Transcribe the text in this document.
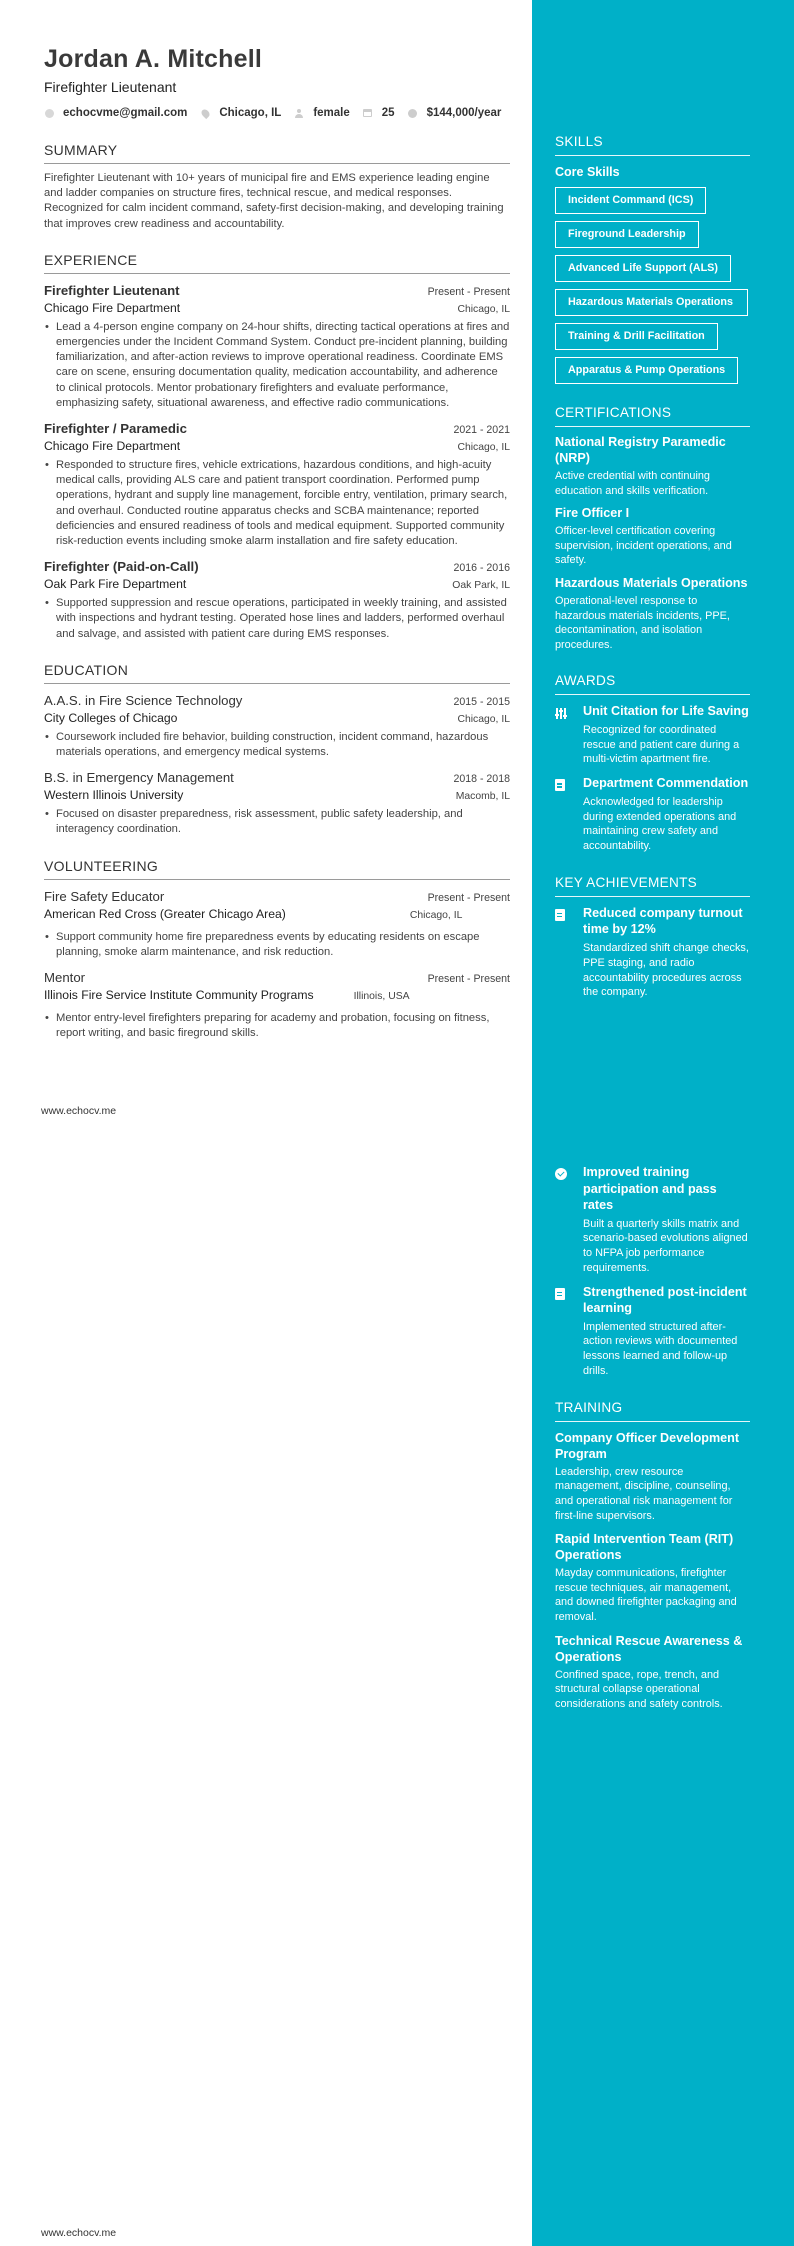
Jordan A. Mitchell
Firefighter Lieutenant
echocvme@gmail.com	Chicago, IL	female	25	$144,000/year
SUMMARY
Firefighter Lieutenant with 10+ years of municipal fire and EMS experience leading engine and ladder companies on structure fires, technical rescue, and medical responses. Recognized for calm incident command, safety-first decision-making, and developing training that improves crew readiness and accountability.
EXPERIENCE
Firefighter Lieutenant	Present - Present
Chicago Fire Department	Chicago, IL
• Lead a 4-person engine company on 24-hour shifts, directing tactical operations at fires and emergencies under the Incident Command System. Conduct pre-incident planning, building familiarization, and after-action reviews to improve operational readiness. Coordinate EMS care on scene, ensuring documentation quality, medication accountability, and adherence to clinical protocols. Mentor probationary firefighters and evaluate performance, emphasizing safety, situational awareness, and effective radio communications.
Firefighter / Paramedic	2021 - 2021
Chicago Fire Department	Chicago, IL
• Responded to structure fires, vehicle extrications, hazardous conditions, and high-acuity medical calls, providing ALS care and patient transport coordination. Performed pump operations, hydrant and supply line management, forcible entry, ventilation, primary search, and overhaul. Conducted routine apparatus checks and SCBA maintenance; reported deficiencies and ensured readiness of tools and medical equipment. Supported community risk-reduction events including smoke alarm installation and fire safety education.
Firefighter (Paid-on-Call)	2016 - 2016
Oak Park Fire Department	Oak Park, IL
• Supported suppression and rescue operations, participated in weekly training, and assisted with inspections and hydrant testing. Operated hose lines and ladders, performed overhaul and salvage, and assisted with patient care during EMS responses.
EDUCATION
A.A.S. in Fire Science Technology	2015 - 2015
City Colleges of Chicago	Chicago, IL
• Coursework included fire behavior, building construction, incident command, hazardous materials operations, and emergency medical systems.
B.S. in Emergency Management	2018 - 2018
Western Illinois University	Macomb, IL
• Focused on disaster preparedness, risk assessment, public safety leadership, and interagency coordination.
VOLUNTEERING
Fire Safety Educator	Present - Present
American Red Cross (Greater Chicago Area)	Chicago, IL
• Support community home fire preparedness events by educating residents on escape planning, smoke alarm maintenance, and risk reduction.
Mentor	Present - Present
Illinois Fire Service Institute Community Programs	Illinois, USA
• Mentor entry-level firefighters preparing for academy and probation, focusing on fitness, report writing, and basic fireground skills.
www.echocv.me
www.echocv.me
SKILLS
Core Skills
Incident Command (ICS)
Fireground Leadership
Advanced Life Support (ALS)
Hazardous Materials Operations
Training & Drill Facilitation
Apparatus & Pump Operations
CERTIFICATIONS
National Registry Paramedic (NRP)
Active credential with continuing education and skills verification.
Fire Officer I
Officer-level certification covering supervision, incident operations, and safety.
Hazardous Materials Operations
Operational-level response to hazardous materials incidents, PPE, decontamination, and isolation procedures.
AWARDS
Unit Citation for Life Saving
Recognized for coordinated rescue and patient care during a multi-victim apartment fire.
Department Commendation
Acknowledged for leadership during extended operations and maintaining crew safety and accountability.
KEY ACHIEVEMENTS
Reduced company turnout time by 12%
Standardized shift change checks, PPE staging, and radio accountability procedures across the company.
Improved training participation and pass rates
Built a quarterly skills matrix and scenario-based evolutions aligned to NFPA job performance requirements.
Strengthened post-incident learning
Implemented structured after-action reviews with documented lessons learned and follow-up drills.
TRAINING
Company Officer Development Program
Leadership, crew resource management, discipline, counseling, and operational risk management for first-line supervisors.
Rapid Intervention Team (RIT) Operations
Mayday communications, firefighter rescue techniques, air management, and downed firefighter packaging and removal.
Technical Rescue Awareness & Operations
Confined space, rope, trench, and structural collapse operational considerations and safety controls.
